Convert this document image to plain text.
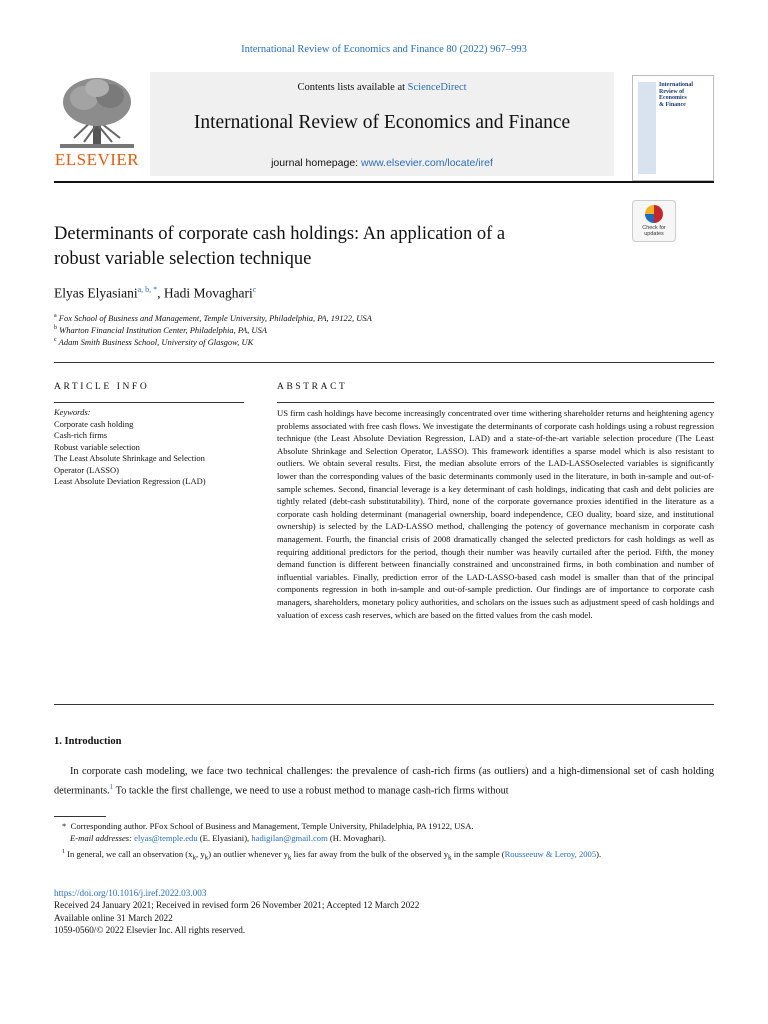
International Review of Economics and Finance 80 (2022) 967–993
ELSEVIER
Contents lists available at ScienceDirect
International Review of Economics and Finance
journal homepage: www.elsevier.com/locate/iref
International
Review of
Economics
& Finance
Determinants of corporate cash holdings: An application of a
robust variable selection technique
Check for
updates
Elyas Elyasiani$^{a, b, *}$, Hadi Movaghari$^c$
$^a$ Fox School of Business and Management, Temple University, Philadelphia, PA, 19122, USA
$^b$ Wharton Financial Institution Center, Philadelphia, PA, USA
$^c$ Adam Smith Business School, University of Glasgow, UK
ARTICLE INFO	ABSTRACT
Keywords:
Corporate cash holding
Cash-rich firms
Robust variable selection
The Least Absolute Shrinkage and Selection Operator (LASSO)
Least Absolute Deviation Regression (LAD)
US firm cash holdings have become increasingly concentrated over time withering shareholder returns and heightening agency problems associated with free cash flows. We investigate the determinants of corporate cash holdings using a robust regression technique (the Least Absolute Deviation Regression, LAD) and a state-of-the-art variable selection procedure (The Least Absolute Shrinkage and Selection Operator, LASSO). This framework identifies a sparse model which is also resistant to outliers. We obtain several results. First, the median absolute errors of the LAD-LASSOselected variables is significantly lower than the corresponding values of the basic determinants commonly used in the literature, in both in-sample and out-of-sample schemes. Second, financial leverage is a key determinant of cash holdings, indicating that cash and debt policies are tightly related (debt-cash substitutability). Third, none of the corporate governance proxies identified in the literature as a corporate cash holding determinant (managerial ownership, board independence, CEO duality, board size, and institutional ownership) is selected by the LAD-LASSO method, challenging the potency of governance mechanism in corporate cash management. Fourth, the financial crisis of 2008 dramatically changed the selected predictors for cash holdings as well as requiring additional predictors for the period, though their number was heavily curtailed after the period. Fifth, the money demand function is different between financially constrained and unconstrained firms, in both combination and number of influential variables. Finally, prediction error of the LAD-LASSO-based cash model is smaller than that of the principal components regression in both in-sample and out-of-sample prediction. Our findings are of importance to corporate cash managers, shareholders, monetary policy authorities, and scholars on the issues such as adjustment speed of cash holdings and valuation of excess cash reserves, which are based on the fitted values from the cash model.
1. Introduction
In corporate cash modeling, we face two technical challenges: the prevalence of cash-rich firms (as outliers) and a high-dimensional set of cash holding determinants.$^1$ To tackle the first challenge, we need to use a robust method to manage cash-rich firms without
* Corresponding author. PFox School of Business and Management, Temple University, Philadelphia, PA 19122, USA.
E-mail addresses: elyas@temple.edu (E. Elyasiani), hadigilan@gmail.com (H. Movaghari).
$^1$ In general, we call an observation ($x_k$, $y_k$) an outlier whenever $y_k$ lies far away from the bulk of the observed $y_k$ in the sample (Rousseeuw & Leroy, 2005).
https://doi.org/10.1016/j.iref.2022.03.003
Received 24 January 2021; Received in revised form 26 November 2021; Accepted 12 March 2022
Available online 31 March 2022
1059-0560/© 2022 Elsevier Inc. All rights reserved.
